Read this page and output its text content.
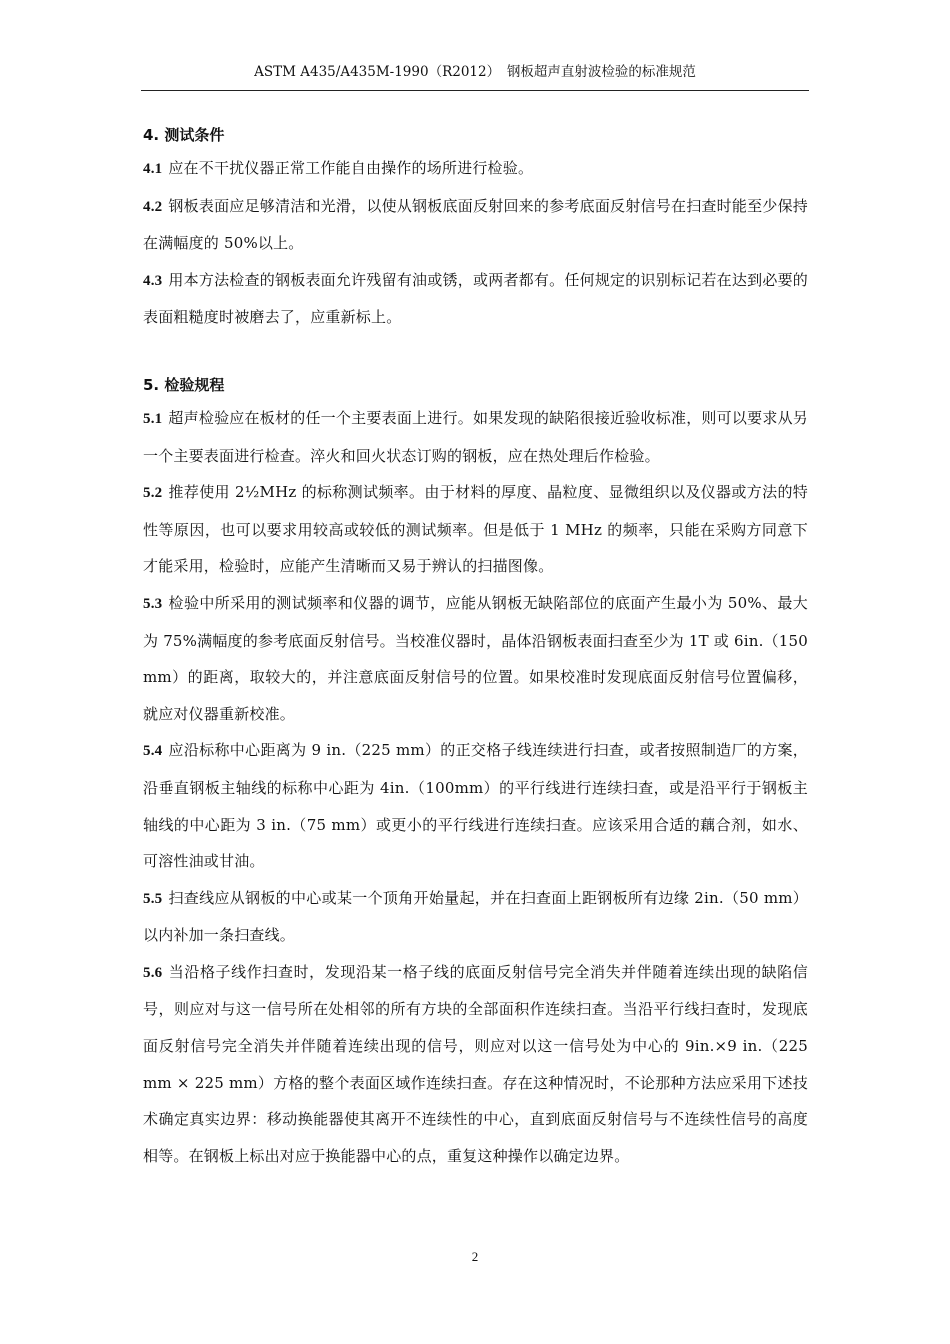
ASTM A435/A435M-1990（R2012）　钢板超声直射波检验的标准规范

4. 测试条件

4.1 应在不干扰仪器正常工作能自由操作的场所进行检验。

4.2 钢板表面应足够清洁和光滑，以使从钢板底面反射回来的参考底面反射信号在扫查时能至少保持在满幅度的 50%以上。

4.3 用本方法检查的钢板表面允许残留有油或锈，或两者都有。任何规定的识别标记若在达到必要的表面粗糙度时被磨去了，应重新标上。

5. 检验规程

5.1 超声检验应在板材的任一个主要表面上进行。如果发现的缺陷很接近验收标准，则可以要求从另一个主要表面进行检查。淬火和回火状态订购的钢板，应在热处理后作检验。

5.2 推荐使用 2½MHz 的标称测试频率。由于材料的厚度、晶粒度、显微组织以及仪器或方法的特性等原因，也可以要求用较高或较低的测试频率。但是低于 1 MHz 的频率，只能在采购方同意下才能采用，检验时，应能产生清晰而又易于辨认的扫描图像。

5.3 检验中所采用的测试频率和仪器的调节，应能从钢板无缺陷部位的底面产生最小为 50%、最大为 75%满幅度的参考底面反射信号。当校准仪器时，晶体沿钢板表面扫查至少为 1T 或 6in.（150 mm）的距离，取较大的，并注意底面反射信号的位置。如果校准时发现底面反射信号位置偏移，就应对仪器重新校准。

5.4 应沿标称中心距离为 9 in.（225 mm）的正交格子线连续进行扫查，或者按照制造厂的方案，沿垂直钢板主轴线的标称中心距为 4in.（100mm）的平行线进行连续扫查，或是沿平行于钢板主轴线的中心距为 3 in.（75 mm）或更小的平行线进行连续扫查。应该采用合适的藕合剂，如水、可溶性油或甘油。

5.5 扫查线应从钢板的中心或某一个顶角开始量起，并在扫查面上距钢板所有边缘 2in.（50 mm）以内补加一条扫查线。

5.6 当沿格子线作扫查时，发现沿某一格子线的底面反射信号完全消失并伴随着连续出现的缺陷信号，则应对与这一信号所在处相邻的所有方块的全部面积作连续扫查。当沿平行线扫查时，发现底面反射信号完全消失并伴随着连续出现的信号，则应对以这一信号处为中心的 9in.×9 in.（225 mm × 225 mm）方格的整个表面区域作连续扫查。存在这种情况时，不论那种方法应采用下述技术确定真实边界：移动换能器使其离开不连续性的中心，直到底面反射信号与不连续性信号的高度相等。在钢板上标出对应于换能器中心的点，重复这种操作以确定边界。

2
